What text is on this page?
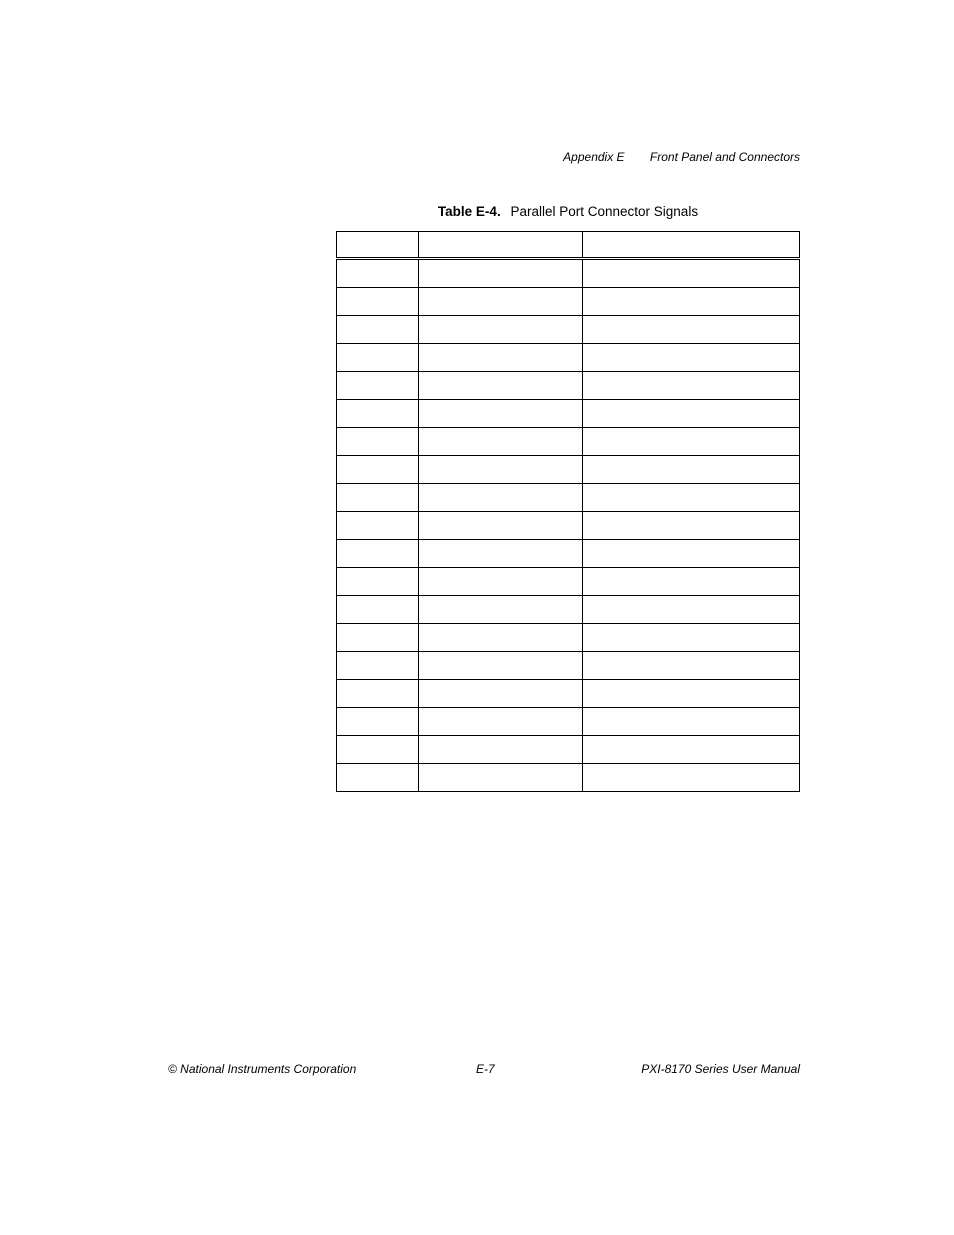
Appendix E Front Panel and Connectors
Table E-4. Parallel Port Connector Signals

© National Instruments Corporation	E-7	PXI-8170 Series User Manual
